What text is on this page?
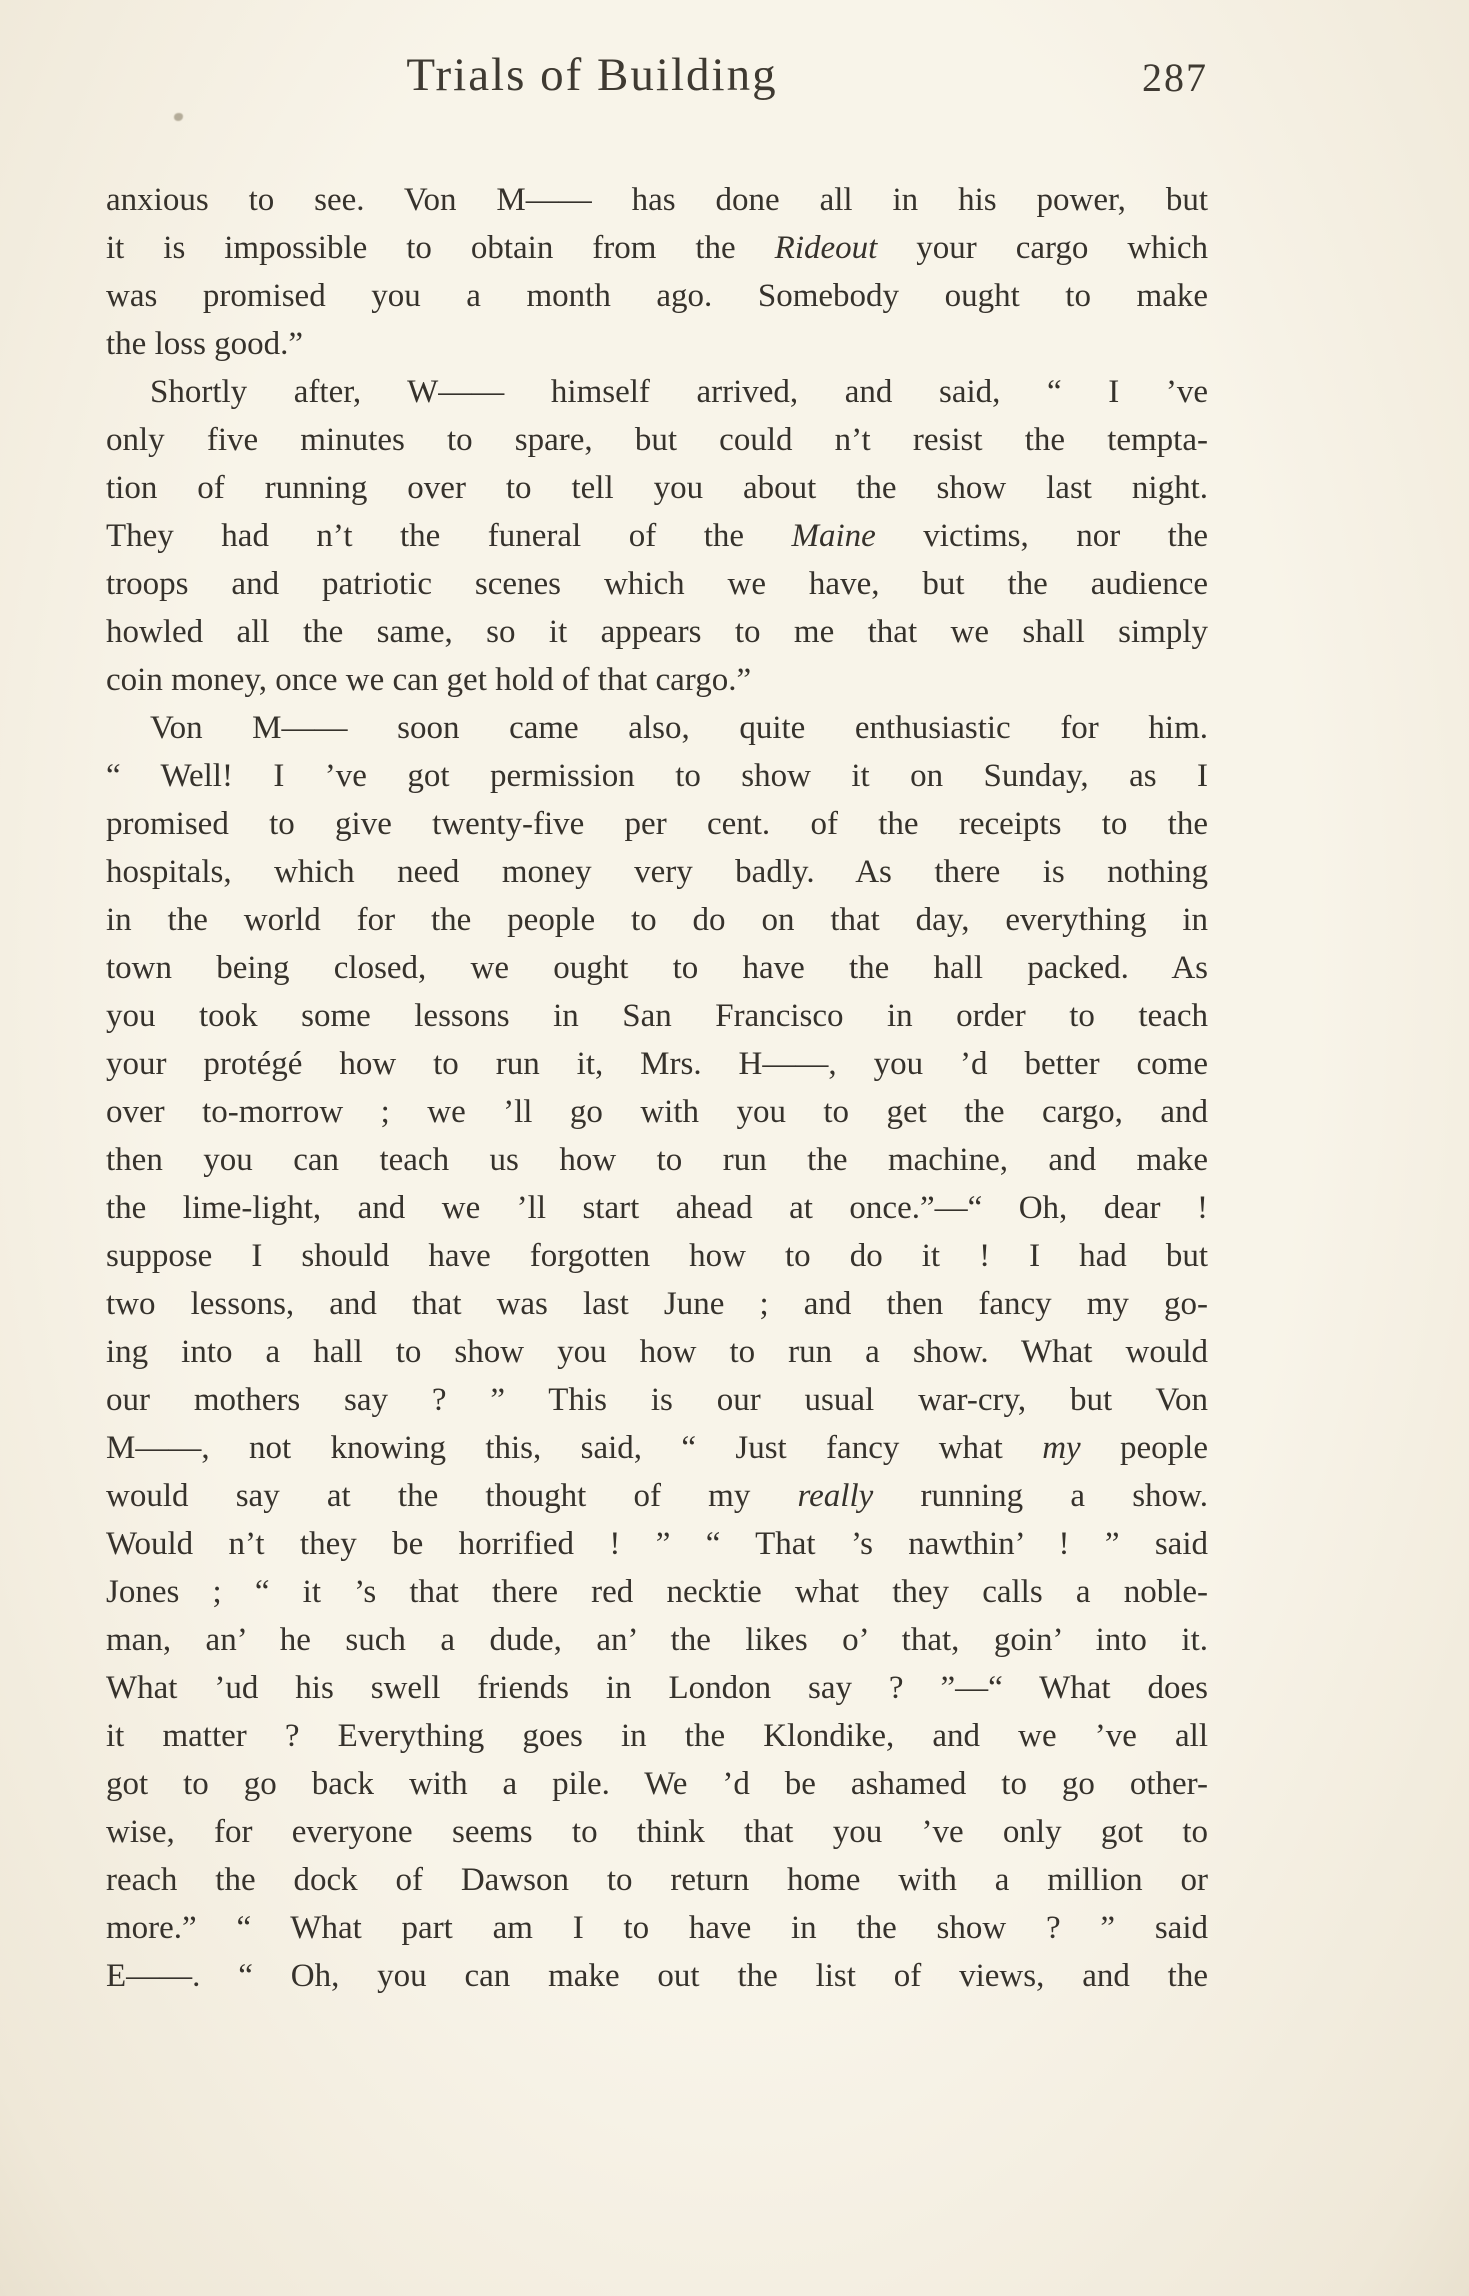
Trials of Building	287
anxious to see. Von M—— has done all in his power, but
it is impossible to obtain from the Rideout your cargo which
was promised you a month ago. Somebody ought to make
the loss good.”
Shortly after, W—— himself arrived, and said, “ I ’ve
only five minutes to spare, but could n’t resist the tempta-
tion of running over to tell you about the show last night.
They had n’t the funeral of the Maine victims, nor the
troops and patriotic scenes which we have, but the audience
howled all the same, so it appears to me that we shall simply
coin money, once we can get hold of that cargo.”
Von M—— soon came also, quite enthusiastic for him.
“ Well! I ’ve got permission to show it on Sunday, as I
promised to give twenty-five per cent. of the receipts to the
hospitals, which need money very badly. As there is nothing
in the world for the people to do on that day, everything in
town being closed, we ought to have the hall packed. As
you took some lessons in San Francisco in order to teach
your protégé how to run it, Mrs. H——, you ’d better come
over to-morrow ; we ’ll go with you to get the cargo, and
then you can teach us how to run the machine, and make
the lime-light, and we ’ll start ahead at once.”—“ Oh, dear !
suppose I should have forgotten how to do it ! I had but
two lessons, and that was last June ; and then fancy my go-
ing into a hall to show you how to run a show. What would
our mothers say ? ” This is our usual war-cry, but Von
M——, not knowing this, said, “ Just fancy what my people
would say at the thought of my really running a show.
Would n’t they be horrified ! ” “ That ’s nawthin’ ! ” said
Jones ; “ it ’s that there red necktie what they calls a noble-
man, an’ he such a dude, an’ the likes o’ that, goin’ into it.
What ’ud his swell friends in London say ? ”—“ What does
it matter ? Everything goes in the Klondike, and we ’ve all
got to go back with a pile. We ’d be ashamed to go other-
wise, for everyone seems to think that you ’ve only got to
reach the dock of Dawson to return home with a million or
more.” “ What part am I to have in the show ? ” said
E——. “ Oh, you can make out the list of views, and the
